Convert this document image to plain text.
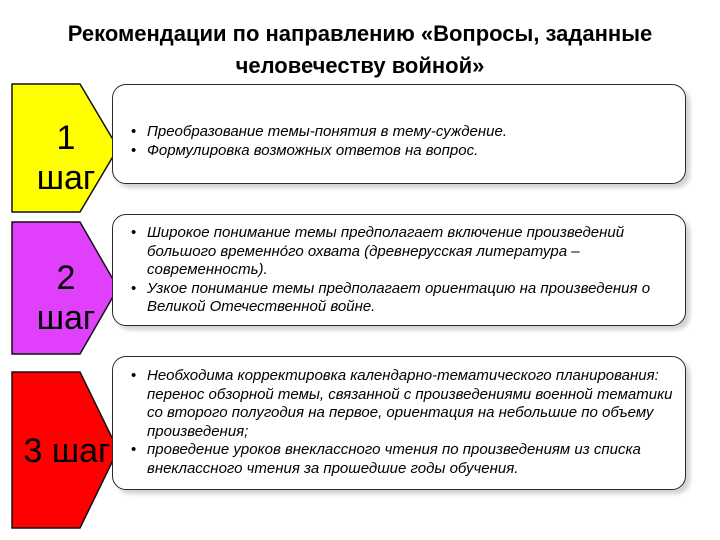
Рекомендации по направлению «Вопросы, заданные
человечеству войной»
1
шаг
2
шаг
3 шаг
• Преобразование темы-понятия в тему-суждение.
• Формулировка возможных ответов на вопрос.
• Широкое понимание темы предполагает включение произведений большого временно́го охвата (древнерусская литература – современность).
• Узкое понимание темы предполагает ориентацию на произведения о Великой Отечественной войне.
• Необходима корректировка календарно-тематического планирования: перенос обзорной темы, связанной с произведениями военной тематики со второго полугодия на первое, ориентация на небольшие по объему произведения;
• проведение уроков внеклассного чтения по произведениям из списка внеклассного чтения за прошедшие годы обучения.
